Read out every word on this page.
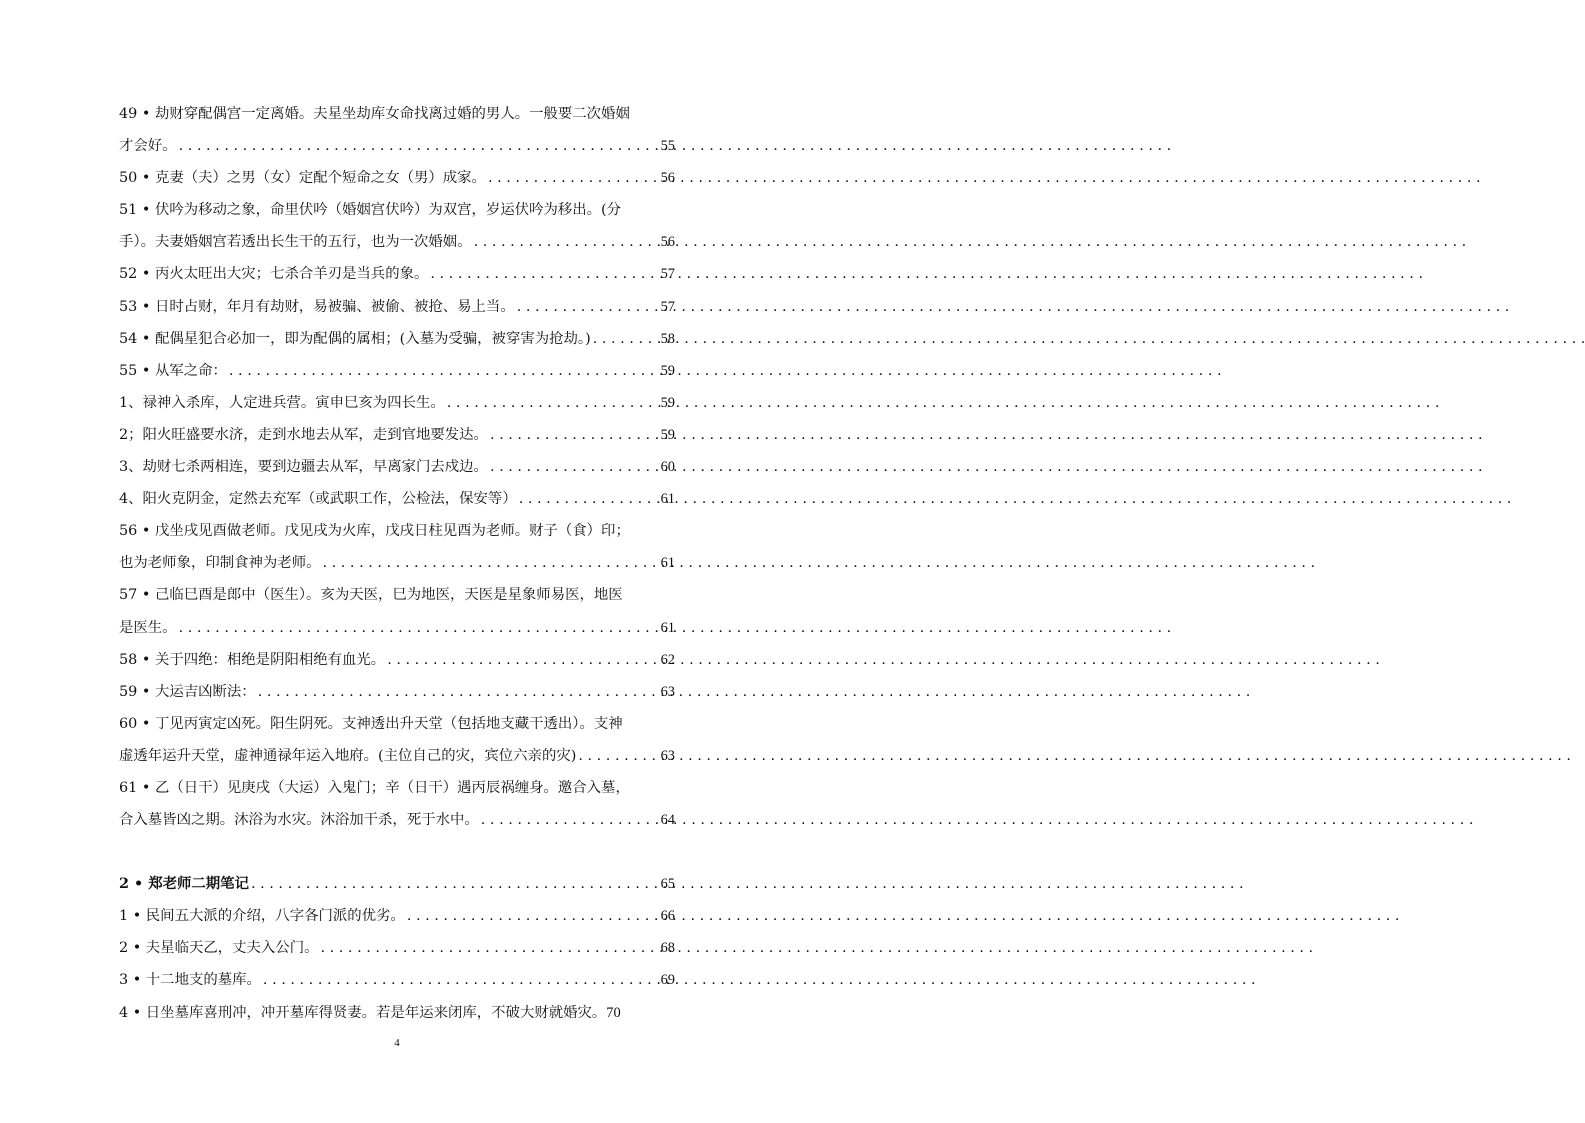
49 • 劫财穿配偶宫一定离婚。夫星坐劫库女命找离过婚的男人。一般要二次婚姻
才会好。 . . .	55
50 • 克妻（夫）之男（女）定配个短命之女（男）成家。 . . .	56
51 • 伏吟为移动之象，命里伏吟（婚姻宫伏吟）为双宫，岁运伏吟为移出。(分
手）。夫妻婚姻宫若透出长生干的五行，也为一次婚姻。 . . .	56
52 • 丙火太旺出大灾；七杀合羊刃是当兵的象。 . . .	57
53 • 日时占财，年月有劫财，易被骗、被偷、被抢、易上当。 . . .	57
54 • 配偶星犯合必加一，即为配偶的属相；(入墓为受骗，被穿害为抢劫。) . . .	58
55 • 从军之命： . . .	59
1、禄神入杀库，人定进兵营。寅申巳亥为四长生。 . . .	59
2；阳火旺盛要水济，走到水地去从军，走到官地要发达。 . . .	59
3、劫财七杀两相连，要到边疆去从军，早离家门去戍边。 . . .	60
4、阳火克阴金，定然去充军（或武职工作，公检法，保安等） . . .	61
56 • 戊坐戌见酉做老师。戊见戌为火库，戊戌日柱见酉为老师。财子（食）印；
也为老师象，印制食神为老师。 . . .	61
57 • 己临巳酉是郎中（医生）。亥为天医，巳为地医，天医是星象师易医，地医
是医生。 . . .	61
58 • 关于四绝：相绝是阴阳相绝有血光。 . . .	62
59 • 大运吉凶断法： . . .	63
60 • 丁见丙寅定凶死。阳生阴死。支神透出升天堂（包括地支藏干透出）。支神
虚透年运升天堂，虚神通禄年运入地府。(主位自己的灾，宾位六亲的灾) . . .	63
61 • 乙（日干）见庚戌（大运）入鬼门；辛（日干）遇丙辰祸缠身。邀合入墓，
合入墓皆凶之期。沐浴为水灾。沐浴加干杀，死于水中。 . . .	64
2 • 郑老师二期笔记 . . .	65
1 • 民间五大派的介绍，八字各门派的优劣。 . . .	66
2 • 夫星临天乙，丈夫入公门。 . . .	68
3 • 十二地支的墓库。 . . .	69
4 • 日坐墓库喜刑冲，冲开墓库得贤妻。若是年运来闭库，不破大财就婚灾。 70
4
